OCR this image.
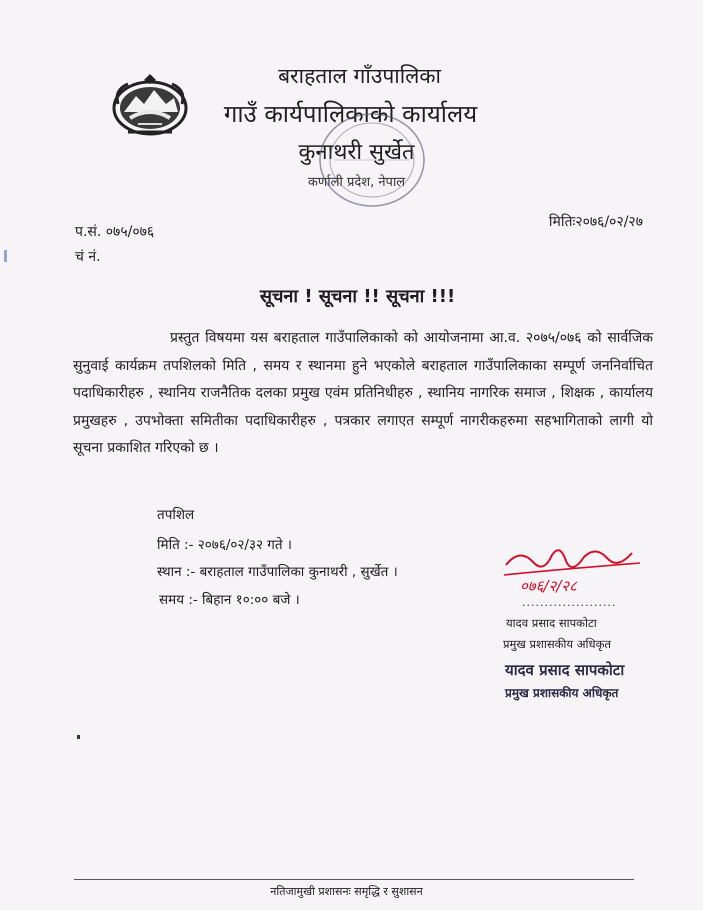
बराहताल गाँउपालिका
गाउँ कार्यपालिकाको कार्यालय
कुनाथरी सुर्खेत
कर्णाली प्रदेश, नेपाल
प.सं. ०७५/०७६
चं नं.
मितिः२०७६/०२/२७
सूचना ! सूचना !! सूचना !!!
प्रस्तुत विषयमा यस बराहताल गाउँपालिकाको को आयोजनामा आ.व. २०७५/०७६ को सार्वजिक सुनुवाई कार्यक्रम तपशिलको मिति , समय र स्थानमा हुने भएकोले बराहताल गाउँपालिकाका सम्पूर्ण जननिर्वाचित पदाधिकारीहरु , स्थानिय राजनैतिक दलका प्रमुख एवंम प्रतिनिधीहरु , स्थानिय नागरिक समाज , शिक्षक , कार्यालय प्रमुखहरु , उपभोक्ता समितीका पदाधिकारीहरु , पत्रकार लगाएत सम्पूर्ण नागरीकहरुमा सहभागिताको लागी यो सूचना प्रकाशित गरिएको छ ।
तपशिल
मिति :- २०७६/०२/३२ गते ।
स्थान :- बराहताल गाउँपालिका कुनाथरी , सुर्खेत ।
समय :- बिहान १०:०० बजे ।
०७६/२/२८
.....................
यादव प्रसाद सापकोटा
प्रमुख प्रशासकीय अधिकृत
यादव प्रसाद सापकोटा
प्रमुख प्रशासकीय अधिकृत
नतिजामुखी प्रशासनः समृद्धि र सुशासन
